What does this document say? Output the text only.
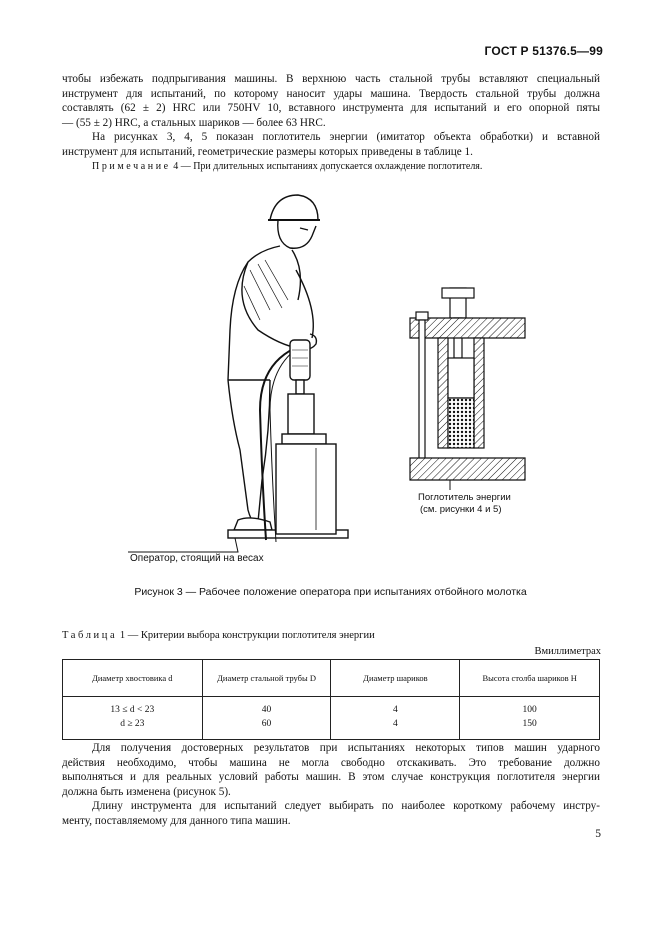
ГОСТ Р 51376.5—99
чтобы избежать подпрыгивания машины. В верхнюю часть стальной трубы вставляют специальный
инструмент для испытаний, по которому наносит удары машина. Твердость стальной трубы должна
составлять (62 ± 2) HRC или 750HV 10, вставного инструмента для испытаний и его опорной пяты
— (55 ± 2) HRC, а стальных шариков — более 63 HRC.
На рисунках 3, 4, 5 показан поглотитель энергии (имитатор объекта обработки) и вставной
инструмент для испытаний, геометрические размеры которых приведены в таблице 1.
Примечание 4 — При длительных испытаниях допускается охлаждение поглотителя.
Оператор, стоящий на весах
Поглотитель энергии
(см. рисунки 4 и 5)
Рисунок 3 — Рабочее положение оператора при испытаниях отбойного молотка
Таблица 1 — Критерии выбора конструкции поглотителя энергии
Вмиллиметрах
Диаметр хвостовика d	Диаметр стальной трубы D	Диаметр шариков	Высота столба шариков H
13 ≤ d < 23	40	4	100
d ≥ 23	60	4	150
Для получения достоверных результатов при испытаниях некоторых типов машин ударного
действия необходимо, чтобы машина не могла свободно отскакивать. Это требование должно
выполняться и для реальных условий работы машин. В этом случае конструкция поглотителя энергии
должна быть изменена (рисунок 5).
Длину инструмента для испытаний следует выбирать по наиболее короткому рабочему инстру-
менту, поставляемому для данного типа машин.
5
